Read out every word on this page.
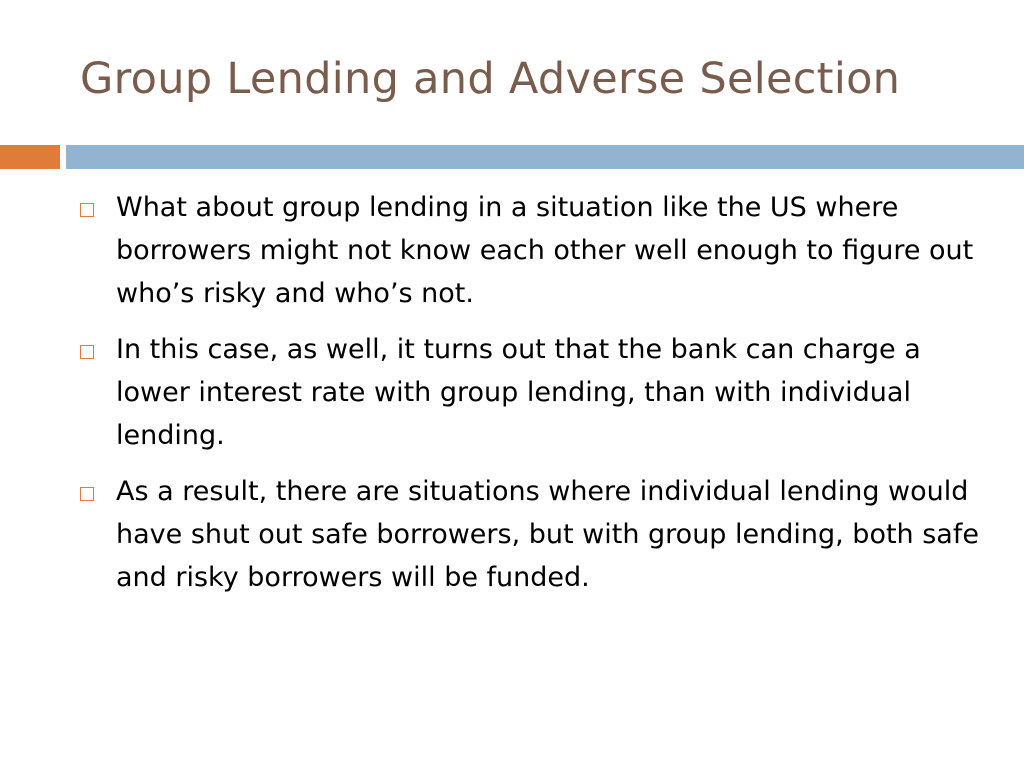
Group Lending and Adverse Selection
What about group lending in a situation like the US where borrowers might not know each other well enough to figure out who’s risky and who’s not.
In this case, as well, it turns out that the bank can charge a lower interest rate with group lending, than with individual lending.
As a result, there are situations where individual lending would have shut out safe borrowers, but with group lending, both safe and risky borrowers will be funded.
